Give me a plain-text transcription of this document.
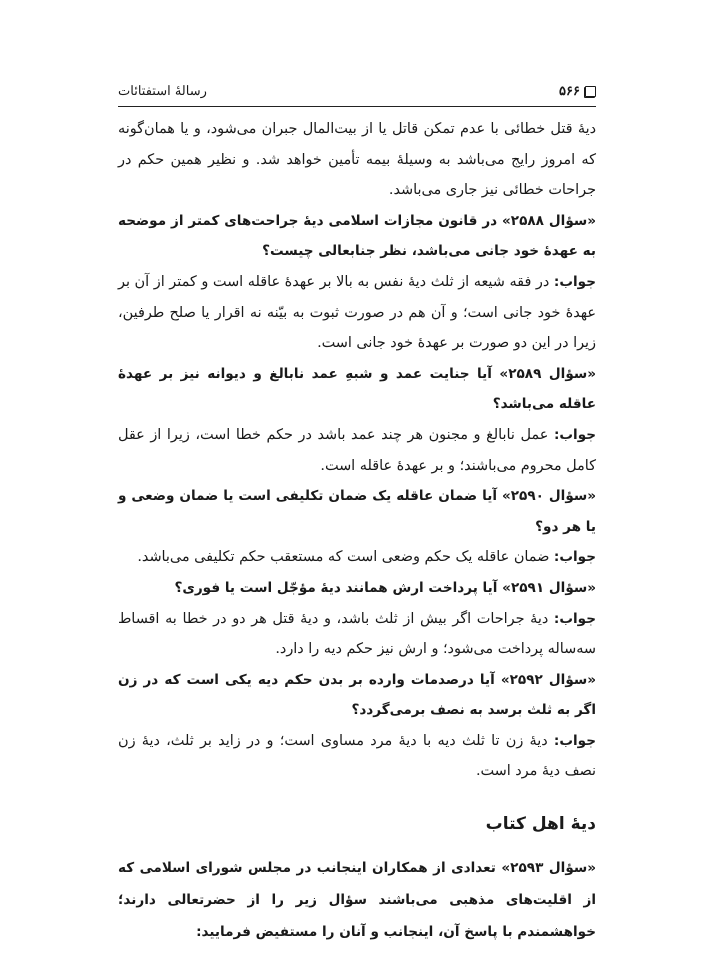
۵۶۶
رسالهٔ استفتائات

دیهٔ قتل خطائی با عدم تمکن قاتل یا از بیت‌المال جبران می‌شود، و یا همان‌گونه که امروز رایج می‌باشد به وسیلهٔ بیمه تأمین خواهد شد. و نظیر همین حکم در جراحات خطائی نیز جاری می‌باشد.

«سؤال ۲۵۸۸» در قانون مجازات اسلامی دیهٔ جراحت‌های کمتر از موضحه به عهدهٔ خود جانی می‌باشد، نظر جنابعالی چیست؟

جواب: در فقه شیعه از ثلث دیهٔ نفس به بالا بر عهدهٔ عاقله است و کمتر از آن بر عهدهٔ خود جانی است؛ و آن هم در صورت ثبوت به بیّنه نه اقرار یا صلح طرفین، زیرا در این دو صورت بر عهدهٔ خود جانی است.

«سؤال ۲۵۸۹» آیا جنایت عمد و شبهِ عمد نابالغ و دیوانه نیز بر عهدهٔ عاقله می‌باشد؟

جواب: عمل نابالغ و مجنون هر چند عمد باشد در حکم خطا است، زیرا از عقل کامل محروم می‌باشند؛ و بر عهدهٔ عاقله است.

«سؤال ۲۵۹۰» آیا ضمان عاقله یک ضمان تکلیفی است یا ضمان وضعی و یا هر دو؟

جواب: ضمان عاقله یک حکم وضعی است که مستعقب حکم تکلیفی می‌باشد.

«سؤال ۲۵۹۱» آیا پرداخت ارش همانند دیهٔ مؤجّل است یا فوری؟

جواب: دیهٔ جراحات اگر بیش از ثلث باشد، و دیهٔ قتل هر دو در خطا به اقساط سه‌ساله پرداخت می‌شود؛ و ارش نیز حکم دیه را دارد.

«سؤال ۲۵۹۲» آیا درصدمات وارده بر بدن حکم دیه یکی است که در زن اگر به ثلث برسد به نصف برمی‌گردد؟

جواب: دیهٔ زن تا ثلث دیه با دیهٔ مرد مساوی است؛ و در زاید بر ثلث، دیهٔ زن نصف دیهٔ مرد است.

دیهٔ اهل کتاب

«سؤال ۲۵۹۳» تعدادی از همکاران اینجانب در مجلس شورای اسلامی که از اقلیت‌های مذهبی می‌باشند سؤال زیر را از حضرتعالی دارند؛ خواهشمندم با پاسخ آن، اینجانب و آنان را مستفیض فرمایید:
